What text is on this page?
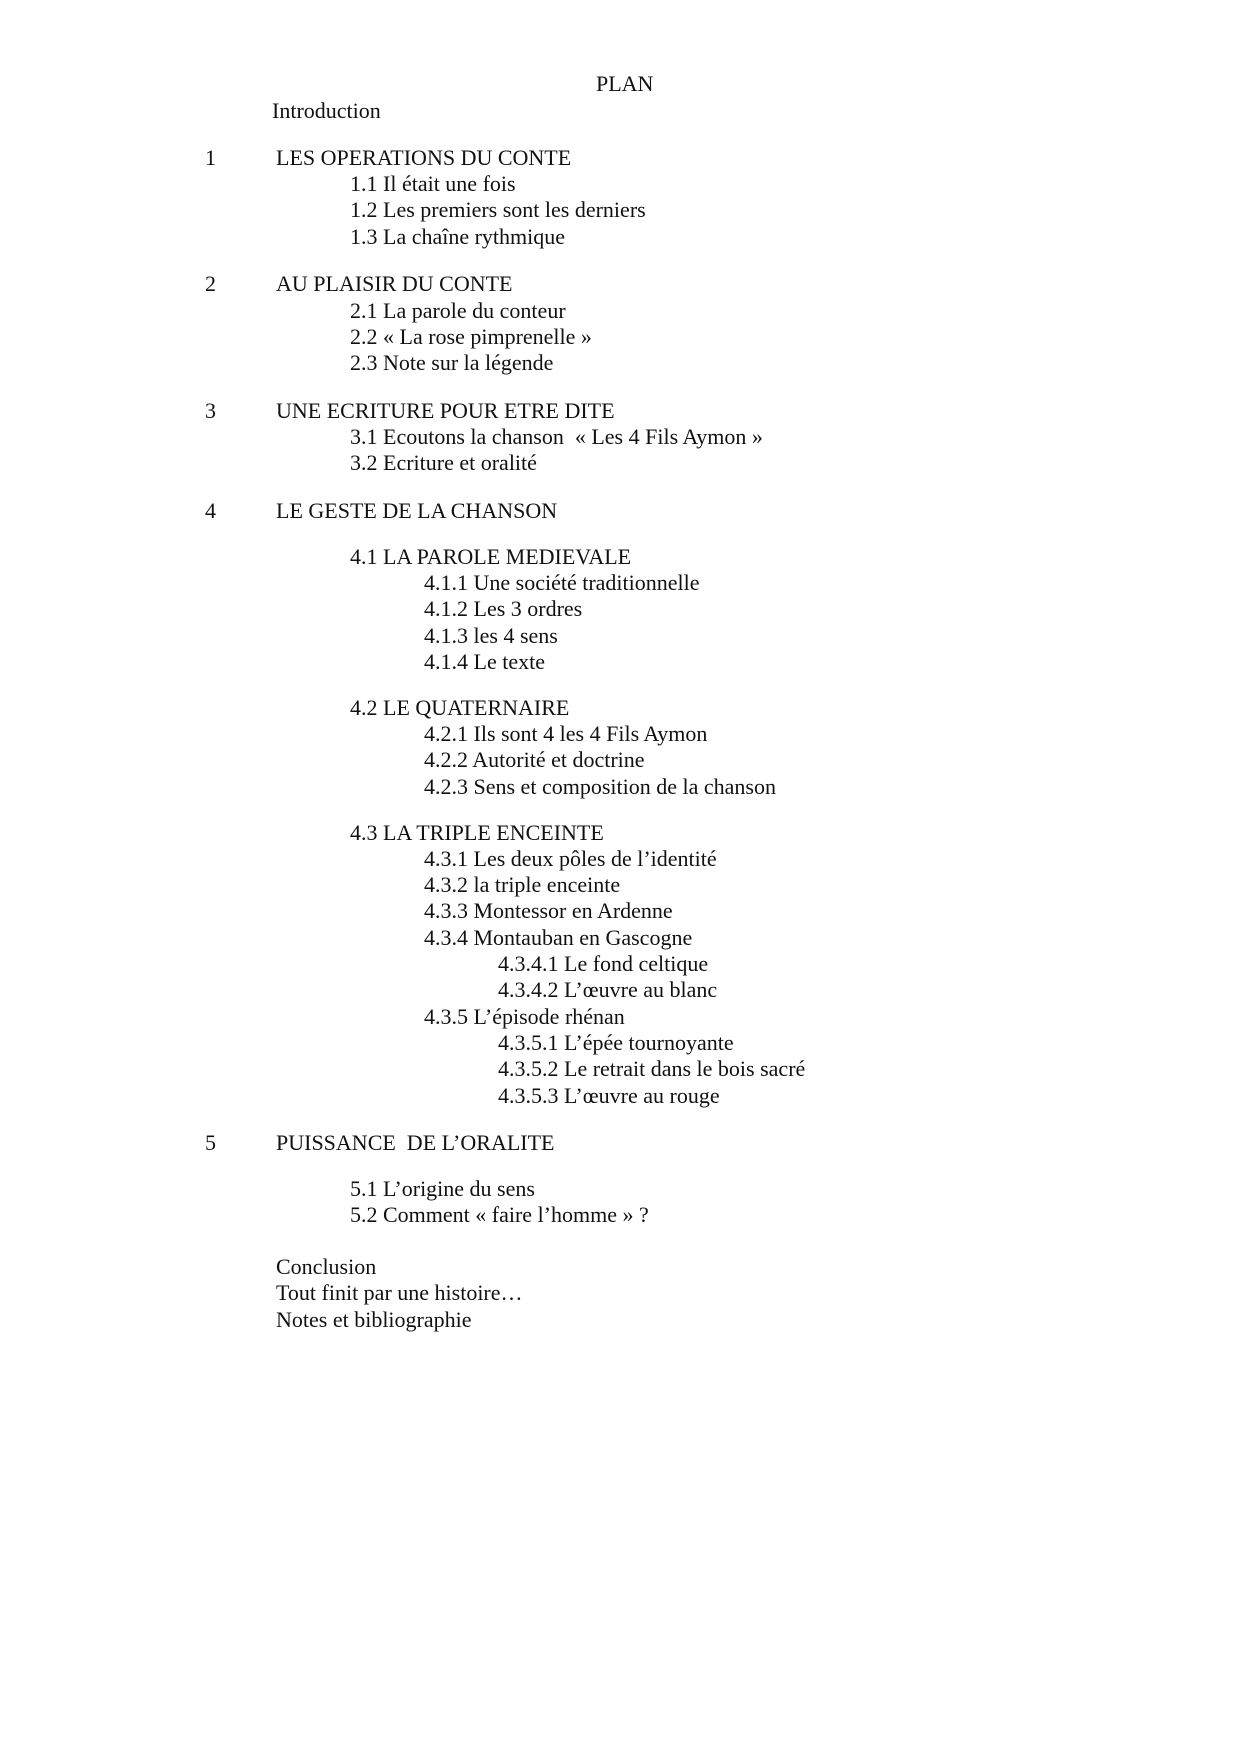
PLAN
Introduction
1	LES OPERATIONS DU CONTE
1.1 Il était une fois
1.2 Les premiers sont les derniers
1.3 La chaîne rythmique
2	AU PLAISIR DU CONTE
2.1 La parole du conteur
2.2 « La rose pimprenelle »
2.3 Note sur la légende
3	UNE ECRITURE POUR ETRE DITE
3.1 Ecoutons la chanson  « Les 4 Fils Aymon »
3.2 Ecriture et oralité
4	LE GESTE DE LA CHANSON
4.1 LA PAROLE MEDIEVALE
4.1.1 Une société traditionnelle
4.1.2 Les 3 ordres
4.1.3 les 4 sens
4.1.4 Le texte
4.2 LE QUATERNAIRE
4.2.1 Ils sont 4 les 4 Fils Aymon
4.2.2 Autorité et doctrine
4.2.3 Sens et composition de la chanson
4.3 LA TRIPLE ENCEINTE
4.3.1 Les deux pôles de l’identité
4.3.2 la triple enceinte
4.3.3 Montessor en Ardenne
4.3.4 Montauban en Gascogne
4.3.4.1 Le fond celtique
4.3.4.2 L’œuvre au blanc
4.3.5 L’épisode rhénan
4.3.5.1 L’épée tournoyante
4.3.5.2 Le retrait dans le bois sacré
4.3.5.3 L’œuvre au rouge
5	PUISSANCE  DE L’ORALITE
5.1 L’origine du sens
5.2 Comment « faire l’homme » ?
Conclusion
Tout finit par une histoire…
Notes et bibliographie
